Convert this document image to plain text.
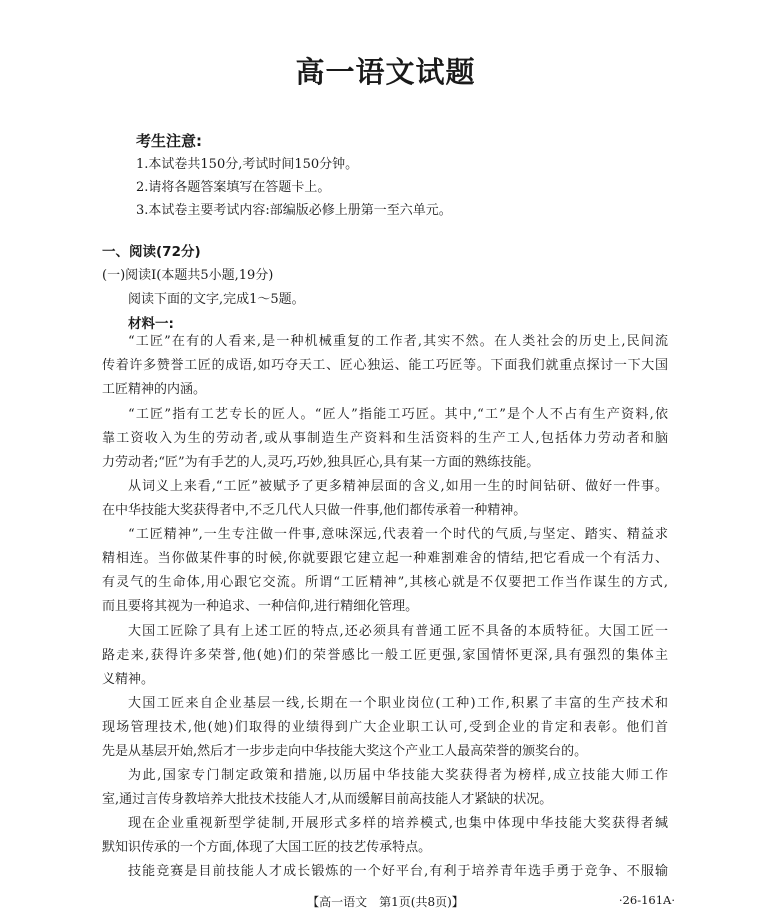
高一语文试题
考生注意:
1.本试卷共150分,考试时间150分钟。
2.请将各题答案填写在答题卡上。
3.本试卷主要考试内容:部编版必修上册第一至六单元。
一、阅读(72分)
(一)阅读Ⅰ(本题共5小题,19分)
阅读下面的文字,完成1～5题。
材料一:
“工匠”在有的人看来,是一种机械重复的工作者,其实不然。在人类社会的历史上,民间流
传着许多赞誉工匠的成语,如巧夺天工、匠心独运、能工巧匠等。下面我们就重点探讨一下大国
工匠精神的内涵。
“工匠”指有工艺专长的匠人。“匠人”指能工巧匠。其中,“工”是个人不占有生产资料,依
靠工资收入为生的劳动者,或从事制造生产资料和生活资料的生产工人,包括体力劳动者和脑
力劳动者;“匠”为有手艺的人,灵巧,巧妙,独具匠心,具有某一方面的熟练技能。
从词义上来看,“工匠”被赋予了更多精神层面的含义,如用一生的时间钻研、做好一件事。
在中华技能大奖获得者中,不乏几代人只做一件事,他们都传承着一种精神。
“工匠精神”,一生专注做一件事,意味深远,代表着一个时代的气质,与坚定、踏实、精益求
精相连。当你做某件事的时候,你就要跟它建立起一种难割难舍的情结,把它看成一个有活力、
有灵气的生命体,用心跟它交流。所谓“工匠精神”,其核心就是不仅要把工作当作谋生的方式,
而且要将其视为一种追求、一种信仰,进行精细化管理。
大国工匠除了具有上述工匠的特点,还必须具有普通工匠不具备的本质特征。大国工匠一
路走来,获得许多荣誉,他(她)们的荣誉感比一般工匠更强,家国情怀更深,具有强烈的集体主
义精神。
大国工匠来自企业基层一线,长期在一个职业岗位(工种)工作,积累了丰富的生产技术和
现场管理技术,他(她)们取得的业绩得到广大企业职工认可,受到企业的肯定和表彰。他们首
先是从基层开始,然后才一步步走向中华技能大奖这个产业工人最高荣誉的颁奖台的。
为此,国家专门制定政策和措施,以历届中华技能大奖获得者为榜样,成立技能大师工作
室,通过言传身教培养大批技术技能人才,从而缓解目前高技能人才紧缺的状况。
现在企业重视新型学徒制,开展形式多样的培养模式,也集中体现中华技能大奖获得者缄
默知识传承的一个方面,体现了大国工匠的技艺传承特点。
技能竞赛是目前技能人才成长锻炼的一个好平台,有利于培养青年选手勇于竞争、不服输
【高一语文　第1页(共8页)】	·26-161A·
